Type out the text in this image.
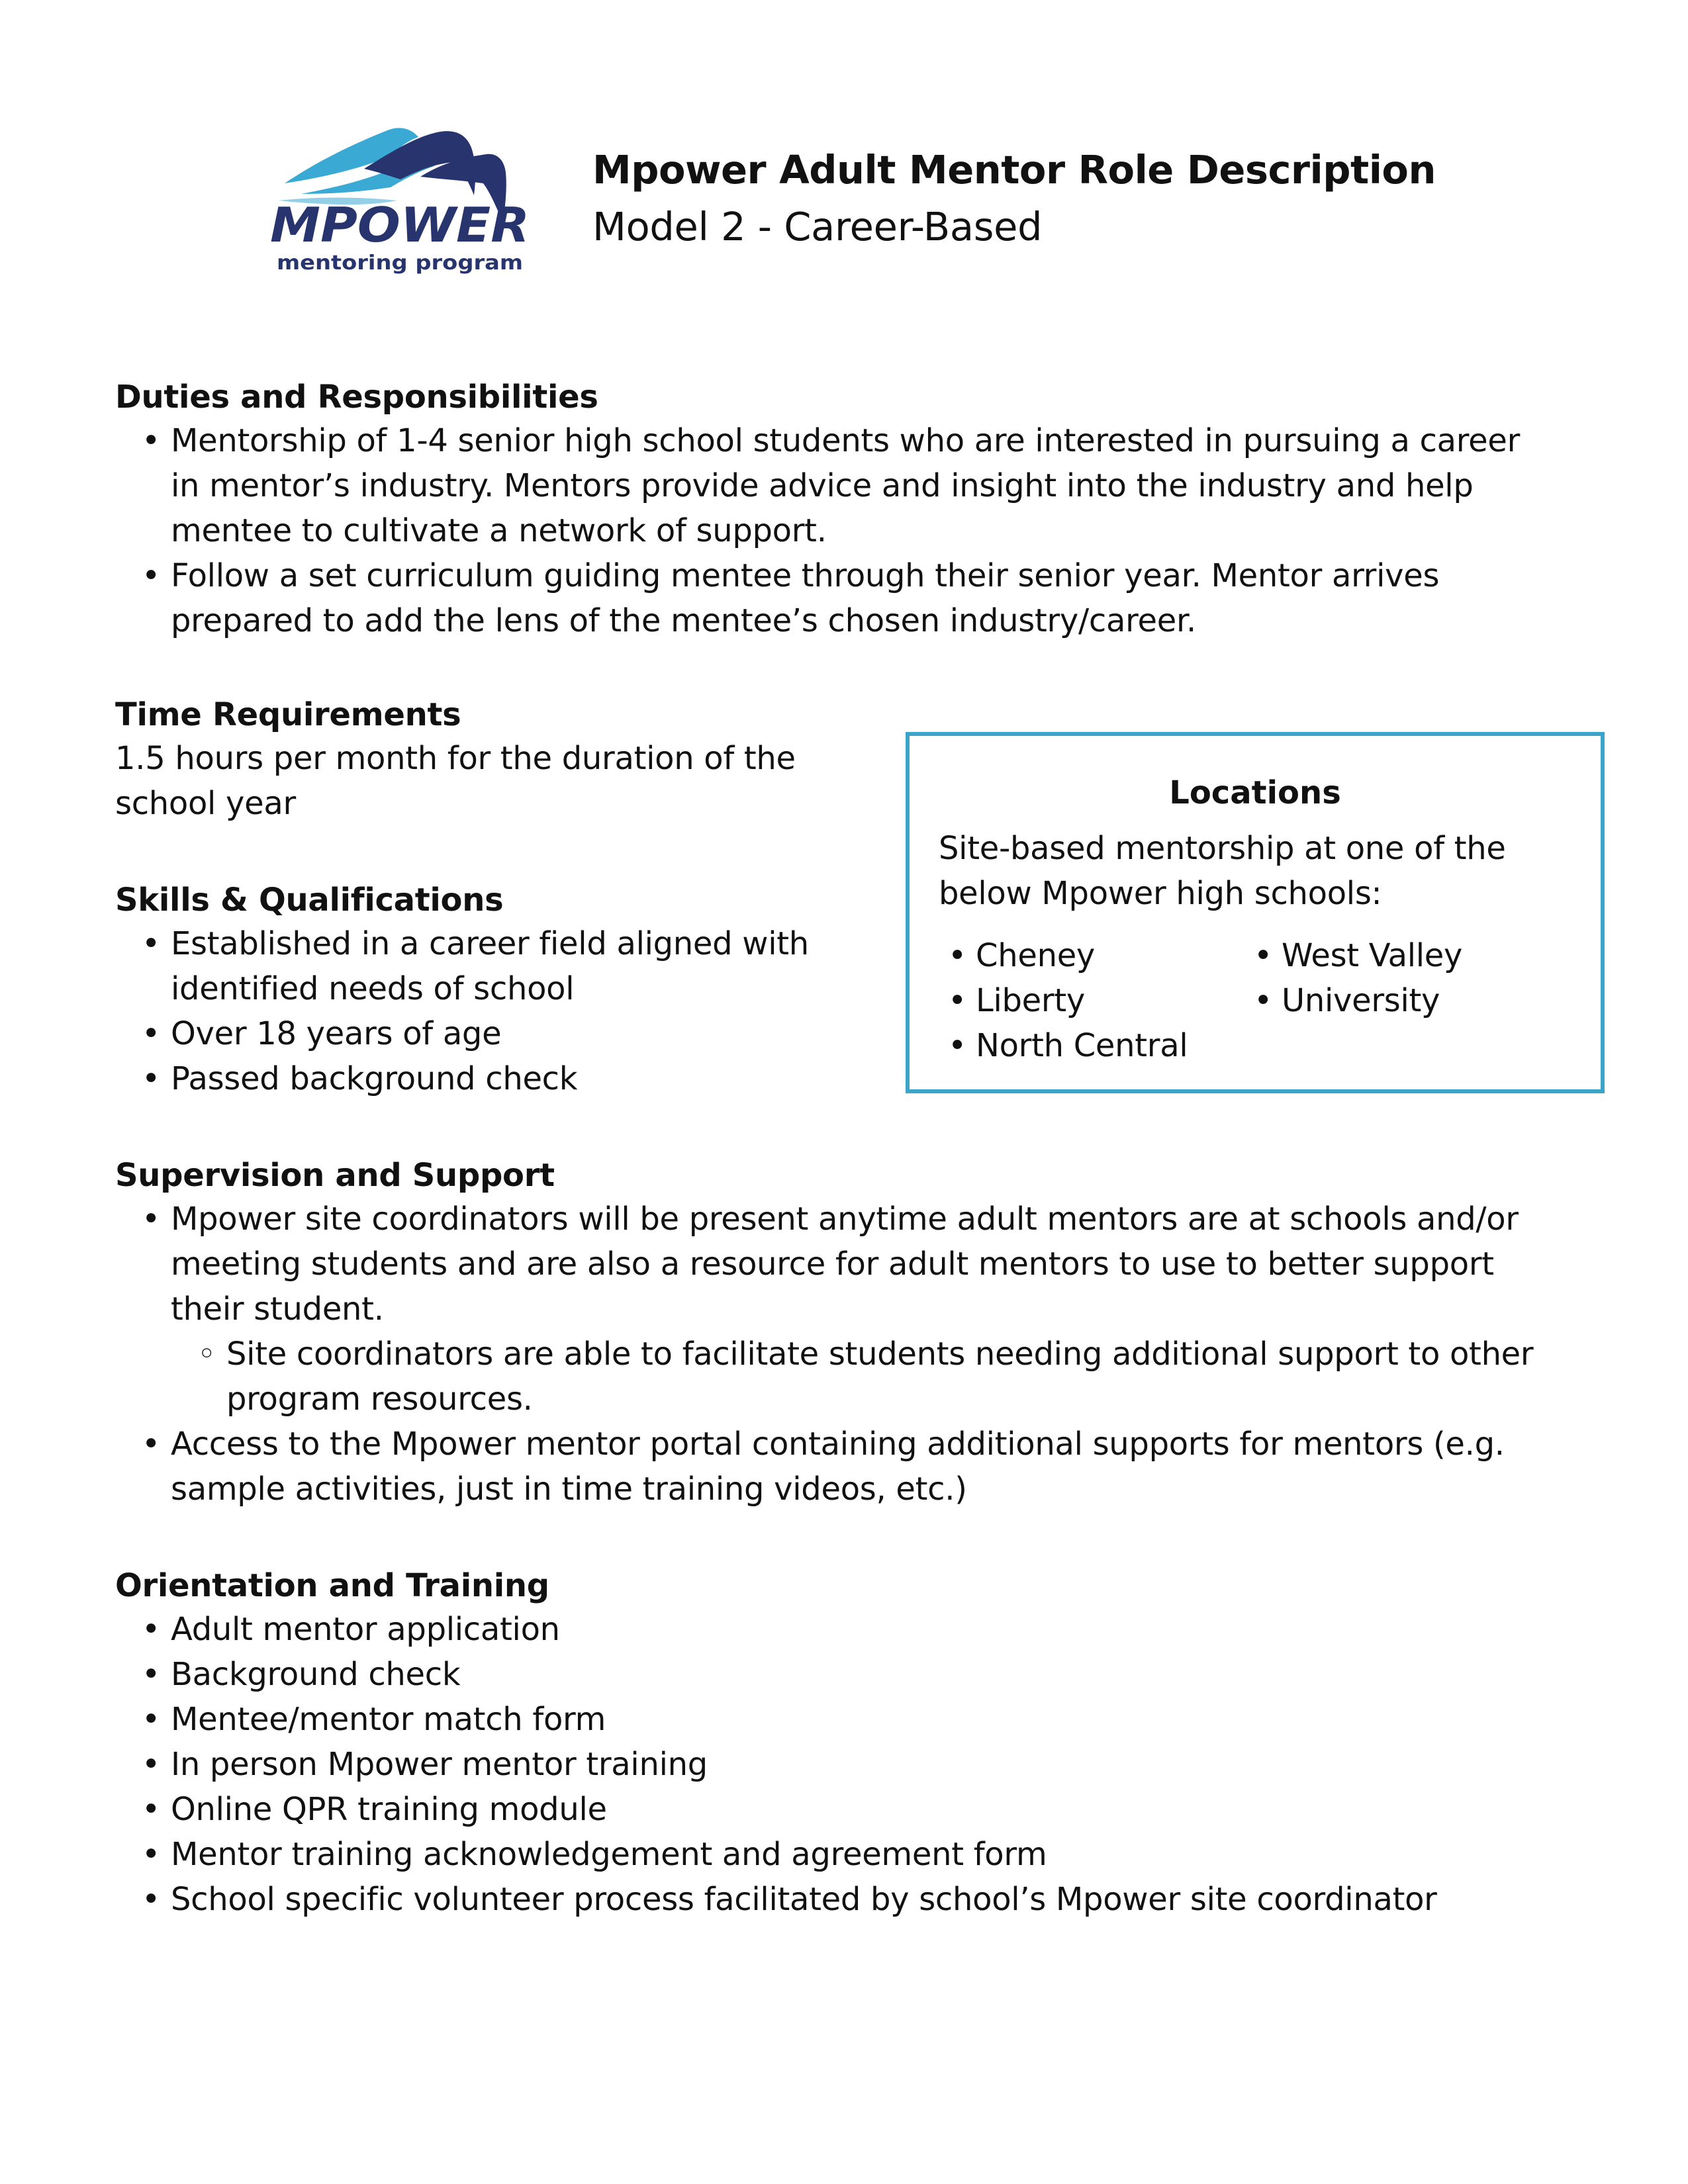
MPOWER
mentoring program
Mpower Adult Mentor Role Description
Model 2 - Career-Based
Duties and Responsibilities
• Mentorship of 1-4 senior high school students who are interested in pursuing a career
in mentor’s industry. Mentors provide advice and insight into the industry and help
mentee to cultivate a network of support.
• Follow a set curriculum guiding mentee through their senior year. Mentor arrives
prepared to add the lens of the mentee’s chosen industry/career.
Time Requirements
1.5 hours per month for the duration of the
school year
Skills & Qualifications
• Established in a career field aligned with
identified needs of school
• Over 18 years of age
• Passed background check
Locations
Site-based mentorship at one of the
below Mpower high schools:
• Cheney
• Liberty
• North Central
• West Valley
• University
Supervision and Support
• Mpower site coordinators will be present anytime adult mentors are at schools and/or
meeting students and are also a resource for adult mentors to use to better support
their student.
◦ Site coordinators are able to facilitate students needing additional support to other
program resources.
• Access to the Mpower mentor portal containing additional supports for mentors (e.g.
sample activities, just in time training videos, etc.)
Orientation and Training
• Adult mentor application
• Background check
• Mentee/mentor match form
• In person Mpower mentor training
• Online QPR training module
• Mentor training acknowledgement and agreement form
• School specific volunteer process facilitated by school’s Mpower site coordinator
